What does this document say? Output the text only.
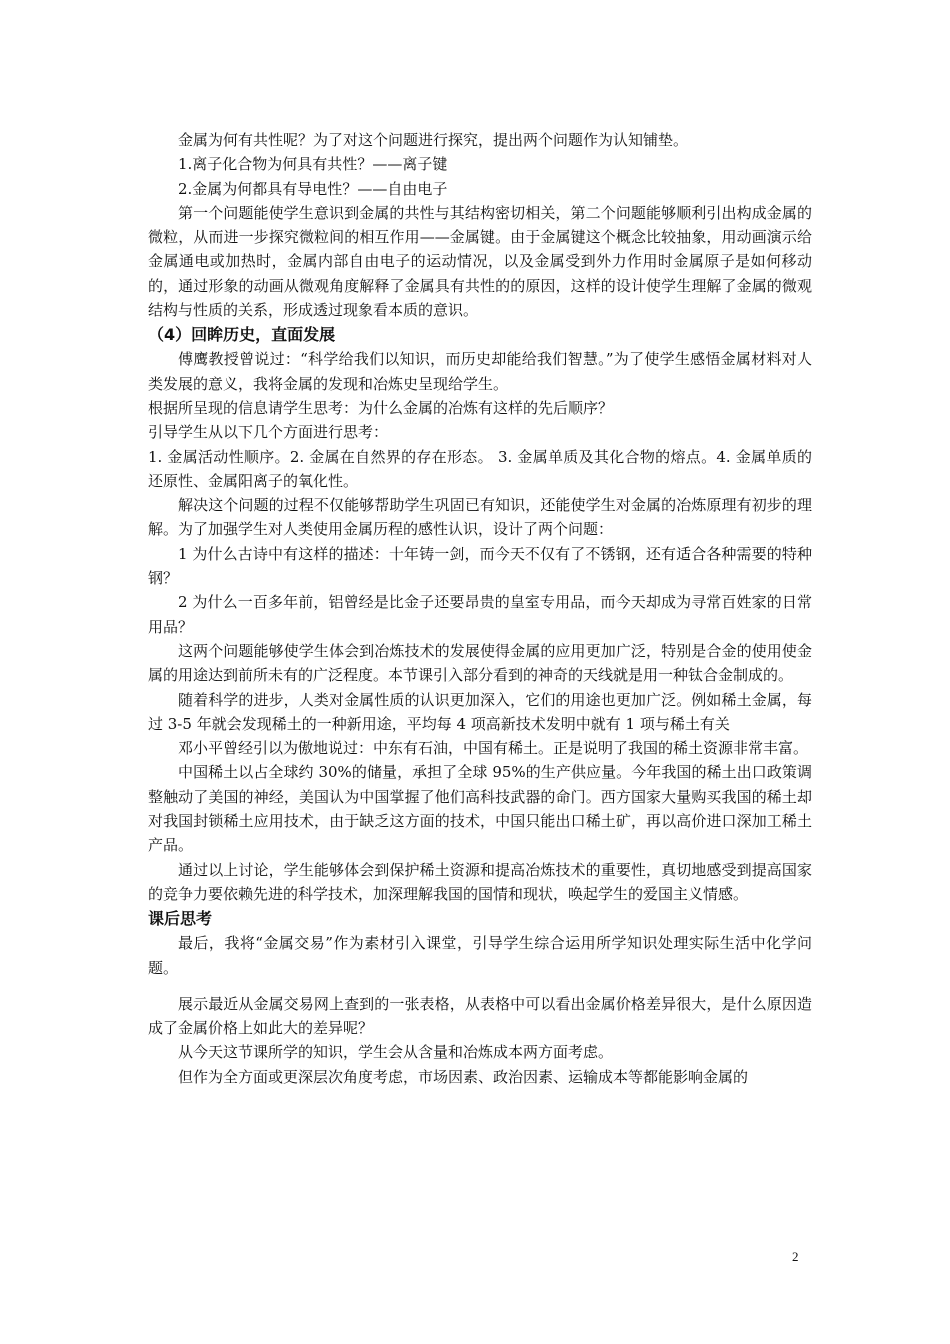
金属为何有共性呢？为了对这个问题进行探究，提出两个问题作为认知铺垫。

1.离子化合物为何具有共性？——离子键

2.金属为何都具有导电性？——自由电子

第一个问题能使学生意识到金属的共性与其结构密切相关，第二个问题能够顺利引出构成金属的微粒，从而进一步探究微粒间的相互作用——金属键。由于金属键这个概念比较抽象，用动画演示给金属通电或加热时，金属内部自由电子的运动情况，以及金属受到外力作用时金属原子是如何移动的，通过形象的动画从微观角度解释了金属具有共性的的原因，这样的设计使学生理解了金属的微观结构与性质的关系，形成透过现象看本质的意识。

（4）回眸历史，直面发展

傅鹰教授曾说过：“科学给我们以知识，而历史却能给我们智慧。”为了使学生感悟金属材料对人类发展的意义，我将金属的发现和冶炼史呈现给学生。

根据所呈现的信息请学生思考：为什么金属的冶炼有这样的先后顺序？

引导学生从以下几个方面进行思考：

1. 金属活动性顺序。2. 金属在自然界的存在形态。 3. 金属单质及其化合物的熔点。4. 金属单质的还原性、金属阳离子的氧化性。

解决这个问题的过程不仅能够帮助学生巩固已有知识，还能使学生对金属的冶炼原理有初步的理解。为了加强学生对人类使用金属历程的感性认识，设计了两个问题：

1 为什么古诗中有这样的描述：十年铸一剑，而今天不仅有了不锈钢，还有适合各种需要的特种钢？

2 为什么一百多年前，铝曾经是比金子还要昂贵的皇室专用品，而今天却成为寻常百姓家的日常用品？

这两个问题能够使学生体会到冶炼技术的发展使得金属的应用更加广泛，特别是合金的使用使金属的用途达到前所未有的广泛程度。本节课引入部分看到的神奇的天线就是用一种钛合金制成的。

随着科学的进步，人类对金属性质的认识更加深入，它们的用途也更加广泛。例如稀土金属，每过 3-5 年就会发现稀土的一种新用途，平均每 4 项高新技术发明中就有 1 项与稀土有关

邓小平曾经引以为傲地说过：中东有石油，中国有稀土。正是说明了我国的稀土资源非常丰富。

中国稀土以占全球约 30%的储量，承担了全球 95%的生产供应量。今年我国的稀土出口政策调整触动了美国的神经，美国认为中国掌握了他们高科技武器的命门。西方国家大量购买我国的稀土却对我国封锁稀土应用技术，由于缺乏这方面的技术，中国只能出口稀土矿，再以高价进口深加工稀土产品。

通过以上讨论，学生能够体会到保护稀土资源和提高冶炼技术的重要性，真切地感受到提高国家的竞争力要依赖先进的科学技术，加深理解我国的国情和现状，唤起学生的爱国主义情感。

课后思考

最后，我将“金属交易”作为素材引入课堂，引导学生综合运用所学知识处理实际生活中化学问题。

展示最近从金属交易网上查到的一张表格，从表格中可以看出金属价格差异很大，是什么原因造成了金属价格上如此大的差异呢？

从今天这节课所学的知识，学生会从含量和冶炼成本两方面考虑。

但作为全方面或更深层次角度考虑，市场因素、政治因素、运输成本等都能影响金属的

2
